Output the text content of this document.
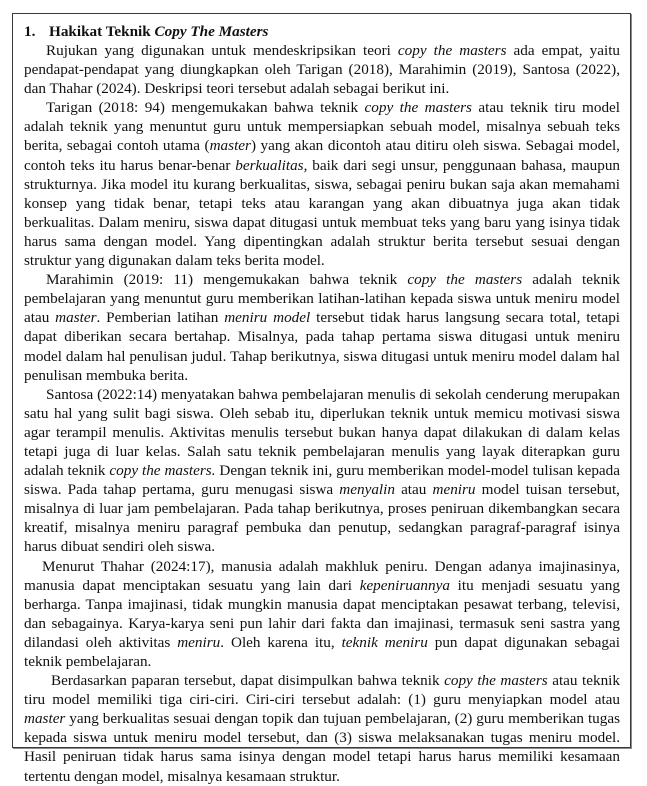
1. Hakikat Teknik Copy The Masters

Rujukan yang digunakan untuk mendeskripsikan teori copy the masters ada empat, yaitu pendapat-pendapat yang diungkapkan oleh Tarigan (2018), Marahimin (2019), Santosa (2022), dan Thahar (2024). Deskripsi teori tersebut adalah sebagai berikut ini.

Tarigan (2018: 94) mengemukakan bahwa teknik copy the masters atau teknik tiru model adalah teknik yang menuntut guru untuk mempersiapkan sebuah model, misalnya sebuah teks berita, sebagai contoh utama (master) yang akan dicontoh atau ditiru oleh siswa. Sebagai model, contoh teks itu harus benar-benar berkualitas, baik dari segi unsur, penggunaan bahasa, maupun strukturnya. Jika model itu kurang berkualitas, siswa, sebagai peniru bukan saja akan memahami konsep yang tidak benar, tetapi teks atau karangan yang akan dibuatnya juga akan tidak berkualitas. Dalam meniru, siswa dapat ditugasi untuk membuat teks yang baru yang isinya tidak harus sama dengan model. Yang dipentingkan adalah struktur berita tersebut sesuai dengan struktur yang digunakan dalam teks berita model.

Marahimin (2019: 11) mengemukakan bahwa teknik copy the masters adalah teknik pembelajaran yang menuntut guru memberikan latihan-latihan kepada siswa untuk meniru model atau master. Pemberian latihan meniru model tersebut tidak harus langsung secara total, tetapi dapat diberikan secara bertahap. Misalnya, pada tahap pertama siswa ditugasi untuk meniru model dalam hal penulisan judul. Tahap berikutnya, siswa ditugasi untuk meniru model dalam hal penulisan membuka berita.

Santosa (2022:14) menyatakan bahwa pembelajaran menulis di sekolah cenderung merupakan satu hal yang sulit bagi siswa. Oleh sebab itu, diperlukan teknik untuk memicu motivasi siswa agar terampil menulis. Aktivitas menulis tersebut bukan hanya dapat dilakukan di dalam kelas tetapi juga di luar kelas. Salah satu teknik pembelajaran menulis yang layak diterapkan guru adalah teknik copy the masters. Dengan teknik ini, guru memberikan model-model tulisan kepada siswa. Pada tahap pertama, guru menugasi siswa menyalin atau meniru model tuisan tersebut, misalnya di luar jam pembelajaran. Pada tahap berikutnya, proses peniruan dikembangkan secara kreatif, misalnya meniru paragraf pembuka dan penutup, sedangkan paragraf-paragraf isinya harus dibuat sendiri oleh siswa.

Menurut Thahar (2024:17), manusia adalah makhluk peniru. Dengan adanya imajinasinya, manusia dapat menciptakan sesuatu yang lain dari kepeniruannya itu menjadi sesuatu yang berharga. Tanpa imajinasi, tidak mungkin manusia dapat menciptakan pesawat terbang, televisi, dan sebagainya. Karya-karya seni pun lahir dari fakta dan imajinasi, termasuk seni sastra yang dilandasi oleh aktivitas meniru. Oleh karena itu, teknik meniru pun dapat digunakan sebagai teknik pembelajaran.

Berdasarkan paparan tersebut, dapat disimpulkan bahwa teknik copy the masters atau teknik tiru model memiliki tiga ciri-ciri. Ciri-ciri tersebut adalah: (1) guru menyiapkan model atau master yang berkualitas sesuai dengan topik dan tujuan pembelajaran, (2) guru memberikan tugas kepada siswa untuk meniru model tersebut, dan (3) siswa melaksanakan tugas meniru model. Hasil peniruan tidak harus sama isinya dengan model tetapi harus harus memiliki kesamaan tertentu dengan model, misalnya kesamaan struktur.
